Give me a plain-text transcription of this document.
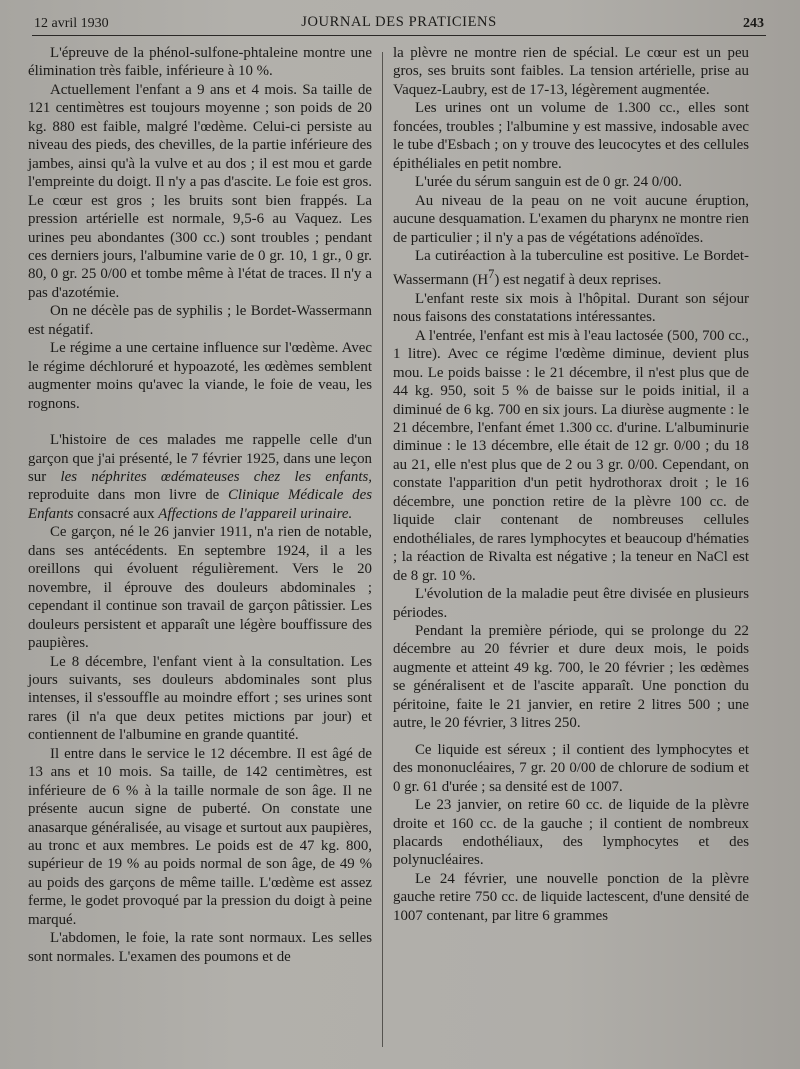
12 avril 1930	JOURNAL DES PRATICIENS	243

L'épreuve de la phénol-sulfone-phtaleine montre une élimination très faible, inférieure à 10 %.

Actuellement l'enfant a 9 ans et 4 mois. Sa taille de 121 centimètres est toujours moyenne ; son poids de 20 kg. 880 est faible, malgré l'œdème. Celui-ci persiste au niveau des pieds, des chevilles, de la partie inférieure des jambes, ainsi qu'à la vulve et au dos ; il est mou et garde l'empreinte du doigt. Il n'y a pas d'ascite. Le foie est gros. Le cœur est gros ; les bruits sont bien frappés. La pression artérielle est normale, 9,5-6 au Vaquez. Les urines peu abondantes (300 cc.) sont troubles ; pendant ces derniers jours, l'albumine varie de 0 gr. 10, 1 gr., 0 gr. 80, 0 gr. 25 0/00 et tombe même à l'état de traces. Il n'y a pas d'azotémie.

On ne décèle pas de syphilis ; le Bordet-Wassermann est négatif.

Le régime a une certaine influence sur l'œdème. Avec le régime déchloruré et hypoazoté, les œdèmes semblent augmenter moins qu'avec la viande, le foie de veau, les rognons.

L'histoire de ces malades me rappelle celle d'un garçon que j'ai présenté, le 7 février 1925, dans une leçon sur les néphrites œdémateuses chez les enfants, reproduite dans mon livre de Clinique Médicale des Enfants consacré aux Affections de l'appareil urinaire.

Ce garçon, né le 26 janvier 1911, n'a rien de notable, dans ses antécédents. En septembre 1924, il a les oreillons qui évoluent régulièrement. Vers le 20 novembre, il éprouve des douleurs abdominales ; cependant il continue son travail de garçon pâtissier. Les douleurs persistent et apparaît une légère bouffissure des paupières.

Le 8 décembre, l'enfant vient à la consultation. Les jours suivants, ses douleurs abdominales sont plus intenses, il s'essouffle au moindre effort ; ses urines sont rares (il n'a que deux petites mictions par jour) et contiennent de l'albumine en grande quantité.

Il entre dans le service le 12 décembre. Il est âgé de 13 ans et 10 mois. Sa taille, de 142 centimètres, est inférieure de 6 % à la taille normale de son âge. Il ne présente aucun signe de puberté. On constate une anasarque généralisée, au visage et surtout aux paupières, au tronc et aux membres. Le poids est de 47 kg. 800, supérieur de 19 % au poids normal de son âge, de 49 % au poids des garçons de même taille. L'œdème est assez ferme, le godet provoqué par la pression du doigt à peine marqué.

L'abdomen, le foie, la rate sont normaux. Les selles sont normales. L'examen des poumons et de

la plèvre ne montre rien de spécial. Le cœur est un peu gros, ses bruits sont faibles. La tension artérielle, prise au Vaquez-Laubry, est de 17-13, légèrement augmentée.

Les urines ont un volume de 1.300 cc., elles sont foncées, troubles ; l'albumine y est massive, indosable avec le tube d'Esbach ; on y trouve des leucocytes et des cellules épithéliales en petit nombre.

L'urée du sérum sanguin est de 0 gr. 24 0/00.

Au niveau de la peau on ne voit aucune éruption, aucune desquamation. L'examen du pharynx ne montre rien de particulier ; il n'y a pas de végétations adénoïdes.

La cutiréaction à la tuberculine est positive. Le Bordet-Wassermann $(H^7)$ est negatif à deux reprises.

L'enfant reste six mois à l'hôpital. Durant son séjour nous faisons des constatations intéressantes.

A l'entrée, l'enfant est mis à l'eau lactosée (500, 700 cc., 1 litre). Avec ce régime l'œdème diminue, devient plus mou. Le poids baisse : le 21 décembre, il n'est plus que de 44 kg. 950, soit 5 % de baisse sur le poids initial, il a diminué de 6 kg. 700 en six jours. La diurèse augmente : le 21 décembre, l'enfant émet 1.300 cc. d'urine. L'albuminurie diminue : le 13 décembre, elle était de 12 gr. 0/00 ; du 18 au 21, elle n'est plus que de 2 ou 3 gr. 0/00. Cependant, on constate l'apparition d'un petit hydrothorax droit ; le 16 décembre, une ponction retire de la plèvre 100 cc. de liquide clair contenant de nombreuses cellules endothéliales, de rares lymphocytes et beaucoup d'hématies ; la réaction de Rivalta est négative ; la teneur en NaCl est de 8 gr. 10 %.

L'évolution de la maladie peut être divisée en plusieurs périodes.

Pendant la première période, qui se prolonge du 22 décembre au 20 février et dure deux mois, le poids augmente et atteint 49 kg. 700, le 20 février ; les œdèmes se généralisent et de l'ascite apparaît. Une ponction du péritoine, faite le 21 janvier, en retire 2 litres 500 ; une autre, le 20 février, 3 litres 250.

Ce liquide est séreux ; il contient des lymphocytes et des mononucléaires, 7 gr. 20 0/00 de chlorure de sodium et 0 gr. 61 d'urée ; sa densité est de 1007.

Le 23 janvier, on retire 60 cc. de liquide de la plèvre droite et 160 cc. de la gauche ; il contient de nombreux placards endothéliaux, des lymphocytes et des polynucléaires.

Le 24 février, une nouvelle ponction de la plèvre gauche retire 750 cc. de liquide lactescent, d'une densité de 1007 contenant, par litre 6 grammes
